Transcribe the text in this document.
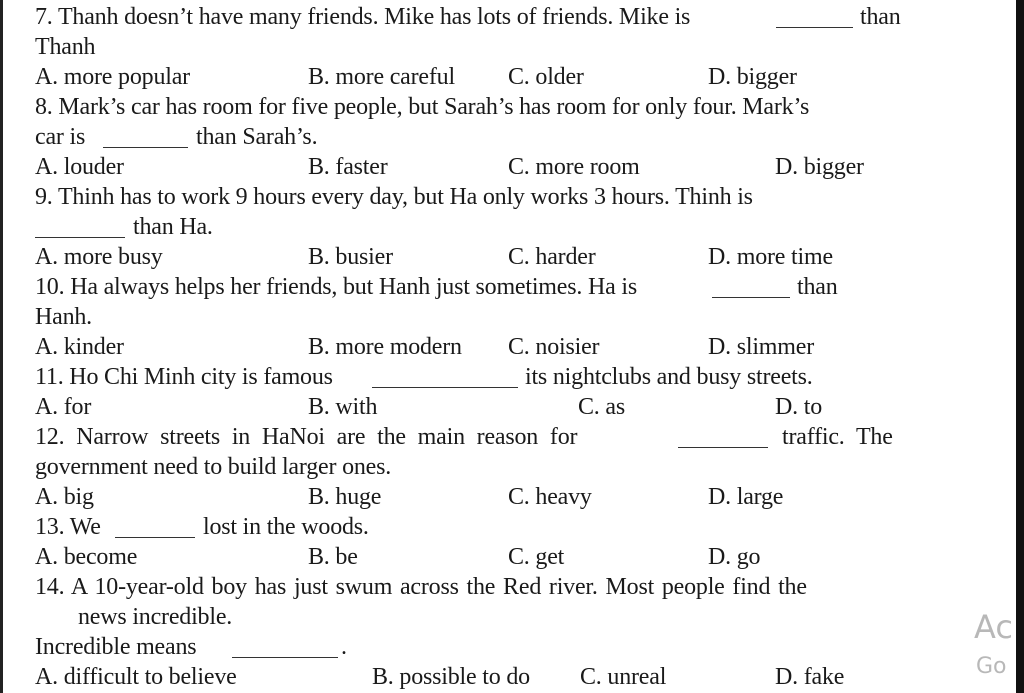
7. Thanh doesn’t have many friends. Mike has lots of friends. Mike is	than
Thanh
A. more popular	B. more careful C. older	D. bigger
8. Mark’s car has room for five people, but Sarah’s has room for only four. Mark’s
car is	than Sarah’s.
A. louder	B. faster	C. more room	D. bigger
9. Thinh has to work 9 hours every day, but Ha only works 3 hours. Thinh is
than Ha.
A. more busy	B. busier	C. harder	D. more time
10. Ha always helps her friends, but Hanh just sometimes. Ha is	than
Hanh.
A. kinder	B. more modern C. noisier	D. slimmer
11. Ho Chi Minh city is famous	its nightclubs and busy streets.
A. for	B. with	C. as	D. to
12. Narrow streets in HaNoi are the main reason for	traffic. The
government need to build larger ones.
A. big	B. huge	C. heavy	D. large
13. We	lost in the woods.
A. become	B. be	C. get	D. go
14. A 10-year-old boy has just swum across the Red river. Most people find the
news incredible.
Incredible means	.
A. difficult to believe	B. possible to do C. unreal	D. fake
Ac
Go
